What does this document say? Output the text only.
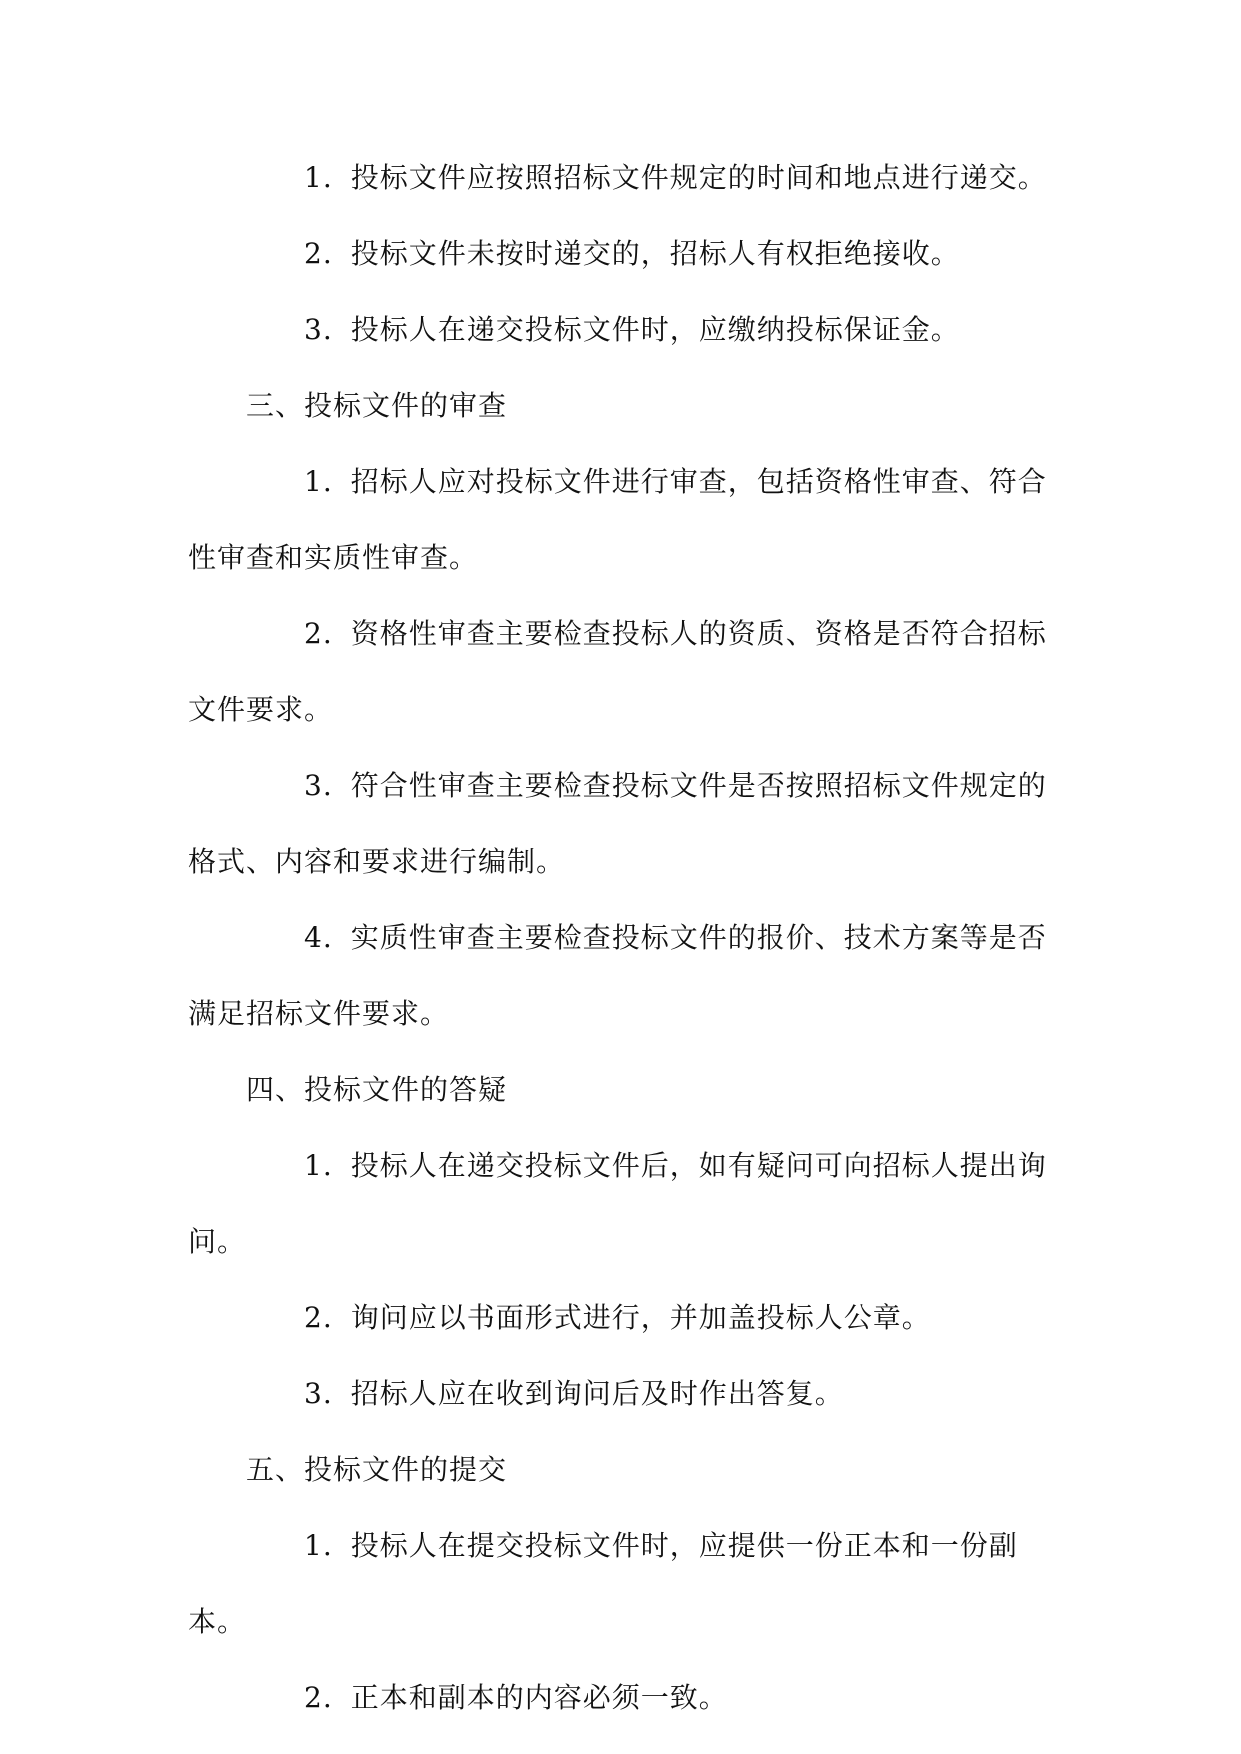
1. 投标文件应按照招标文件规定的时间和地点进行递交。

2. 投标文件未按时递交的，招标人有权拒绝接收。

3. 投标人在递交投标文件时，应缴纳投标保证金。

三、投标文件的审查

1. 招标人应对投标文件进行审查，包括资格性审查、符合性审查和实质性审查。

2. 资格性审查主要检查投标人的资质、资格是否符合招标文件要求。

3. 符合性审查主要检查投标文件是否按照招标文件规定的格式、内容和要求进行编制。

4. 实质性审查主要检查投标文件的报价、技术方案等是否满足招标文件要求。

四、投标文件的答疑

1. 投标人在递交投标文件后，如有疑问可向招标人提出询问。

2. 询问应以书面形式进行，并加盖投标人公章。

3. 招标人应在收到询问后及时作出答复。

五、投标文件的提交

1. 投标人在提交投标文件时，应提供一份正本和一份副本。

2. 正本和副本的内容必须一致。
